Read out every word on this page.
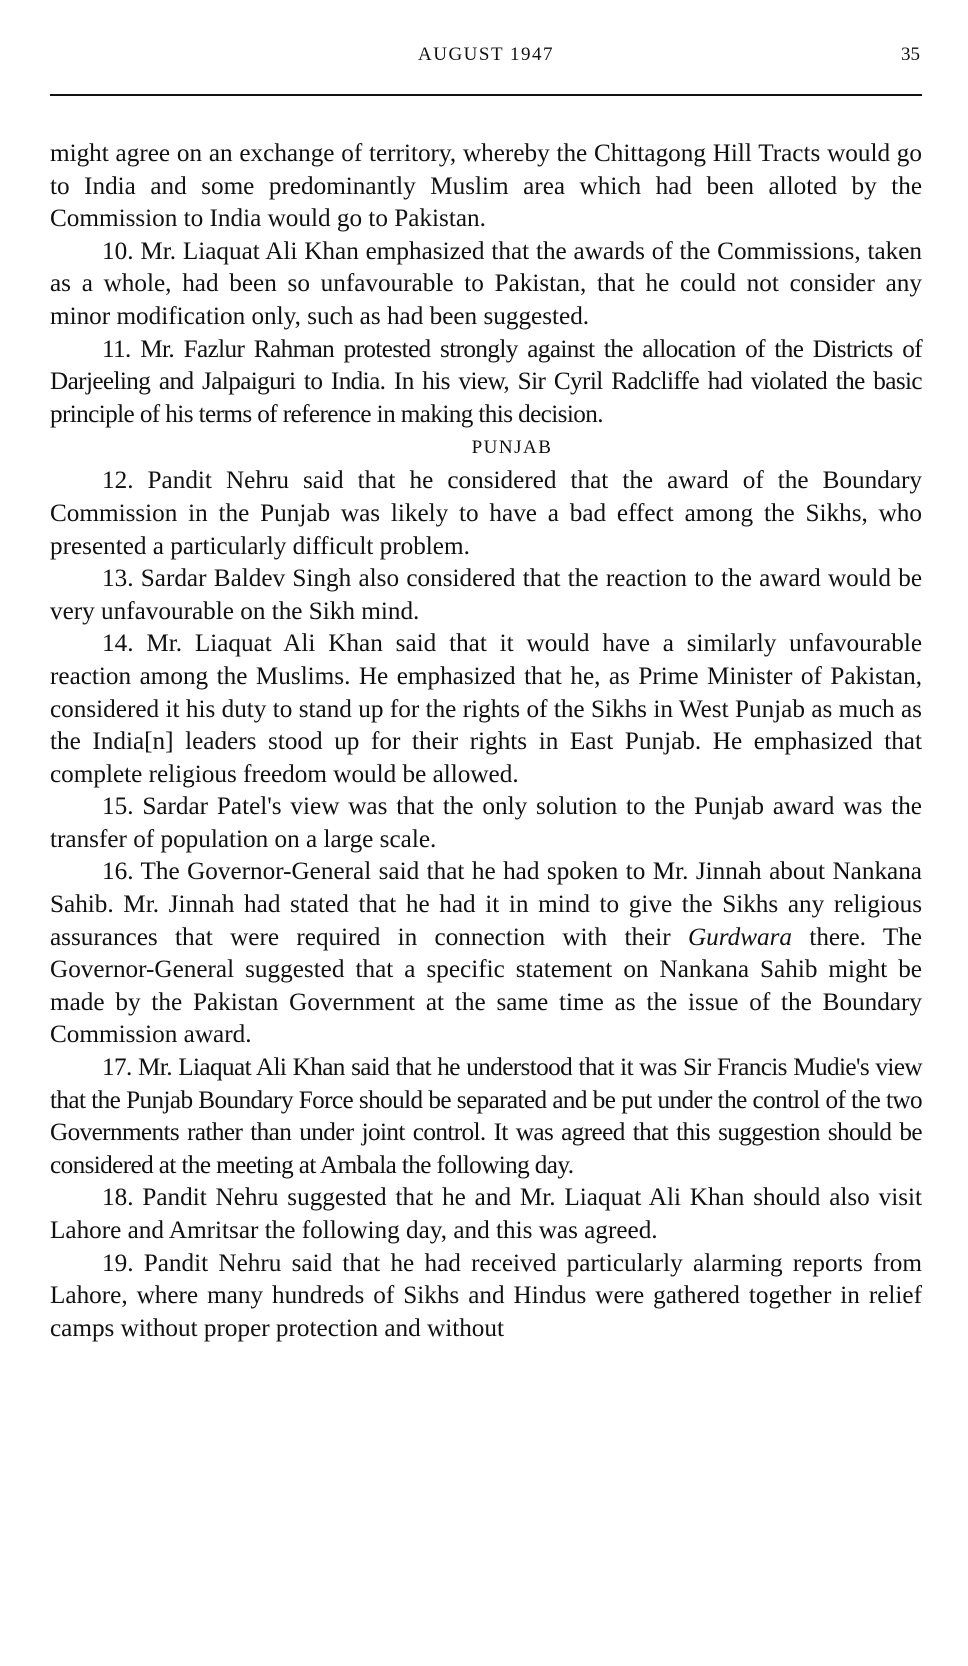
AUGUST 1947	35

might agree on an exchange of territory, whereby the Chittagong Hill Tracts would go to India and some predominantly Muslim area which had been alloted by the Commission to India would go to Pakistan.

10. Mr. Liaquat Ali Khan emphasized that the awards of the Commissions, taken as a whole, had been so unfavourable to Pakistan, that he could not consider any minor modification only, such as had been suggested.

11. Mr. Fazlur Rahman protested strongly against the allocation of the Districts of Darjeeling and Jalpaiguri to India. In his view, Sir Cyril Radcliffe had violated the basic principle of his terms of reference in making this decision.

PUNJAB

12. Pandit Nehru said that he considered that the award of the Boundary Commission in the Punjab was likely to have a bad effect among the Sikhs, who presented a particularly difficult problem.

13. Sardar Baldev Singh also considered that the reaction to the award would be very unfavourable on the Sikh mind.

14. Mr. Liaquat Ali Khan said that it would have a similarly unfavourable reaction among the Muslims. He emphasized that he, as Prime Minister of Pakistan, considered it his duty to stand up for the rights of the Sikhs in West Punjab as much as the India[n] leaders stood up for their rights in East Punjab. He emphasized that complete religious freedom would be allowed.

15. Sardar Patel's view was that the only solution to the Punjab award was the transfer of population on a large scale.

16. The Governor-General said that he had spoken to Mr. Jinnah about Nankana Sahib. Mr. Jinnah had stated that he had it in mind to give the Sikhs any religious assurances that were required in connection with their Gurdwara there. The Governor-General suggested that a specific statement on Nankana Sahib might be made by the Pakistan Government at the same time as the issue of the Boundary Commission award.

17. Mr. Liaquat Ali Khan said that he understood that it was Sir Francis Mudie's view that the Punjab Boundary Force should be separated and be put under the control of the two Governments rather than under joint control. It was agreed that this suggestion should be considered at the meeting at Ambala the following day.

18. Pandit Nehru suggested that he and Mr. Liaquat Ali Khan should also visit Lahore and Amritsar the following day, and this was agreed.

19. Pandit Nehru said that he had received particularly alarming reports from Lahore, where many hundreds of Sikhs and Hindus were gathered together in relief camps without proper protection and without
